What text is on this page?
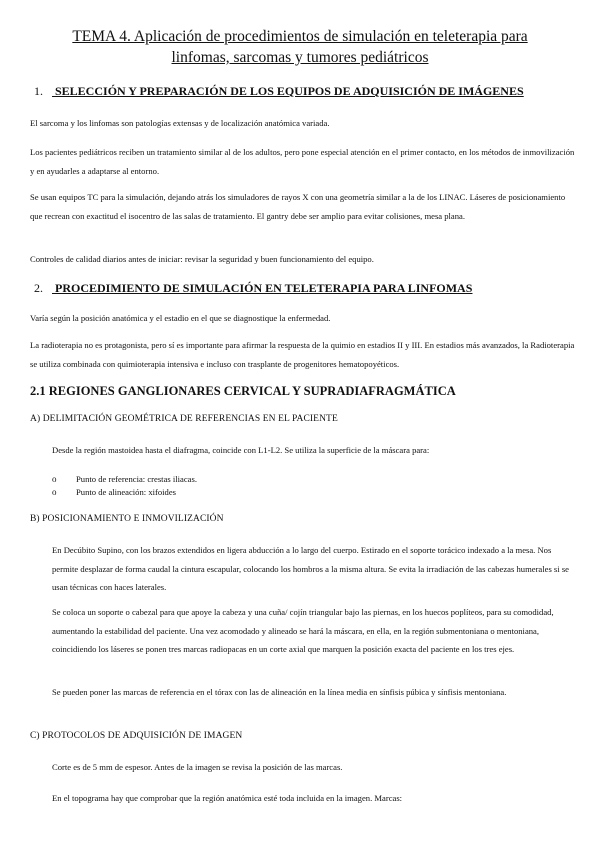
TEMA 4. Aplicación de procedimientos de simulación en teleterapia para
linfomas, sarcomas y tumores pediátricos
1. SELECCIÓN Y PREPARACIÓN DE LOS EQUIPOS DE ADQUISICIÓN DE IMÁGENES

El sarcoma y los linfomas son patologías extensas y de localización anatómica variada.

Los pacientes pediátricos reciben un tratamiento similar al de los adultos, pero pone especial atención en el primer contacto, en los métodos de inmovilización y en ayudarles a adaptarse al entorno.

Se usan equipos TC para la simulación, dejando atrás los simuladores de rayos X con una geometría similar a la de los LINAC. Láseres de posicionamiento que recrean con exactitud el isocentro de las salas de tratamiento. El gantry debe ser amplio para evitar colisiones, mesa plana.

Controles de calidad diarios antes de iniciar: revisar la seguridad y buen funcionamiento del equipo.

2. PROCEDIMIENTO DE SIMULACIÓN EN TELETERAPIA PARA LINFOMAS

Varía según la posición anatómica y el estadio en el que se diagnostique la enfermedad.

La radioterapia no es protagonista, pero sí es importante para afirmar la respuesta de la quimio en estadios II y III. En estadios más avanzados, la Radioterapia se utiliza combinada con quimioterapia intensiva e incluso con trasplante de progenitores hematopoyéticos.

2.1 REGIONES GANGLIONARES CERVICAL Y SUPRADIAFRAGMÁTICA
A) DELIMITACIÓN GEOMÉTRICA DE REFERENCIAS EN EL PACIENTE

Desde la región mastoidea hasta el diafragma, coincide con L1-L2. Se utiliza la superficie de la máscara para:

o Punto de referencia: crestas iliacas.
o Punto de alineación: xifoides
B) POSICIONAMIENTO E INMOVILIZACIÓN

En Decúbito Supino, con los brazos extendidos en ligera abducción a lo largo del cuerpo. Estirado en el soporte torácico indexado a la mesa. Nos permite desplazar de forma caudal la cintura escapular, colocando los hombros a la misma altura. Se evita la irradiación de las cabezas humerales si se usan técnicas con haces laterales.

Se coloca un soporte o cabezal para que apoye la cabeza y una cuña/ cojín triangular bajo las piernas, en los huecos poplíteos, para su comodidad, aumentando la estabilidad del paciente. Una vez acomodado y alineado se hará la máscara, en ella, en la región submentoniana o mentoniana, coincidiendo los láseres se ponen tres marcas radiopacas en un corte axial que marquen la posición exacta del paciente en los tres ejes.

Se pueden poner las marcas de referencia en el tórax con las de alineación en la línea media en sínfisis púbica y sínfisis mentoniana.

C) PROTOCOLOS DE ADQUISICIÓN DE IMAGEN

Corte es de 5 mm de espesor. Antes de la imagen se revisa la posición de las marcas.

En el topograma hay que comprobar que la región anatómica esté toda incluida en la imagen. Marcas:
